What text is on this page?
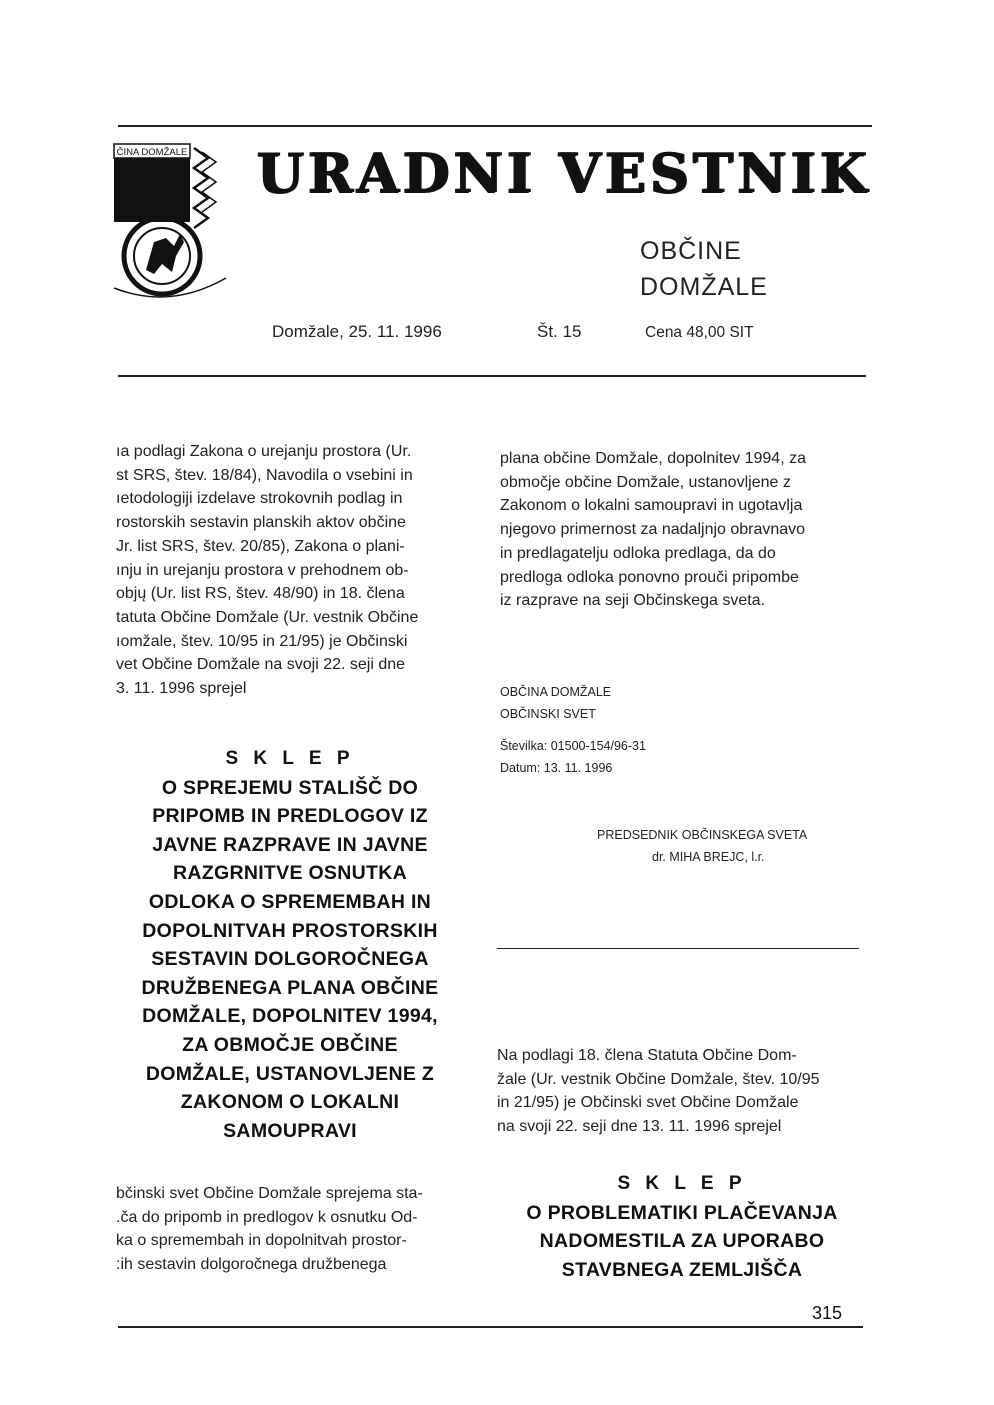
ČINA DOMŽALE URADNI VESTNIK
OBČINE
DOMŽALE
Domžale, 25. 11. 1996	Št. 15	Cena 48,00 SIT
ıa podlagi Zakona o urejanju prostora (Ur.
st SRS, štev. 18/84), Navodila o vsebini in
ıetodologiji izdelave strokovnih podlag in
rostorskih sestavin planskih aktov občine
Jr. list SRS, štev. 20/85), Zakona o plani-
ınju in urejanju prostora v prehodnem ob-
objų (Ur. list RS, štev. 48/90) in 18. člena
tatuta Občine Domžale (Ur. vestnik Občine
ıomžale, štev. 10/95 in 21/95) je Občinski
vet Občine Domžale na svoji 22. seji dne
3. 11. 1996 sprejel
S K L E P
O SPREJEMU STALIŠČ DO
PRIPOMB IN PREDLOGOV IZ
JAVNE RAZPRAVE IN JAVNE
RAZGRNITVE OSNUTKA
ODLOKA O SPREMEMBAH IN
DOPOLNITVAH PROSTORSKIH
SESTAVIN DOLGOROČNEGA
DRUŽBENEGA PLANA OBČINE
DOMŽALE, DOPOLNITEV 1994,
ZA OBMOČJE OBČINE
DOMŽALE, USTANOVLJENE Z
ZAKONOM O LOKALNI
SAMOUPRAVI
bčinski svet Občine Domžale sprejema sta-
.ča do pripomb in predlogov k osnutku Od-
ka o spremembah in dopolnitvah prostor-
:ih sestavin dolgoročnega družbenega
plana občine Domžale, dopolnitev 1994, za
območje občine Domžale, ustanovljene z
Zakonom o lokalni samoupravi in ugotavlja
njegovo primernost za nadaljnjo obravnavo
in predlagatelju odloka predlaga, da do
predloga odloka ponovno prouči pripombe
iz razprave na seji Občinskega sveta.
OBČINA DOMŽALE
OBČINSKI SVET
Številka: 01500-154/96-31
Datum: 13. 11. 1996
PREDSEDNIK OBČINSKEGA SVETA
dr. MIHA BREJC, l.r.
Na podlagi 18. člena Statuta Občine Dom-
žale (Ur. vestnik Občine Domžale, štev. 10/95
in 21/95) je Občinski svet Občine Domžale
na svoji 22. seji dne 13. 11. 1996 sprejel
S K L E P
O PROBLEMATIKI PLAČEVANJA
NADOMESTILA ZA UPORABO
STAVBNEGA ZEMLJIŠČA
315
